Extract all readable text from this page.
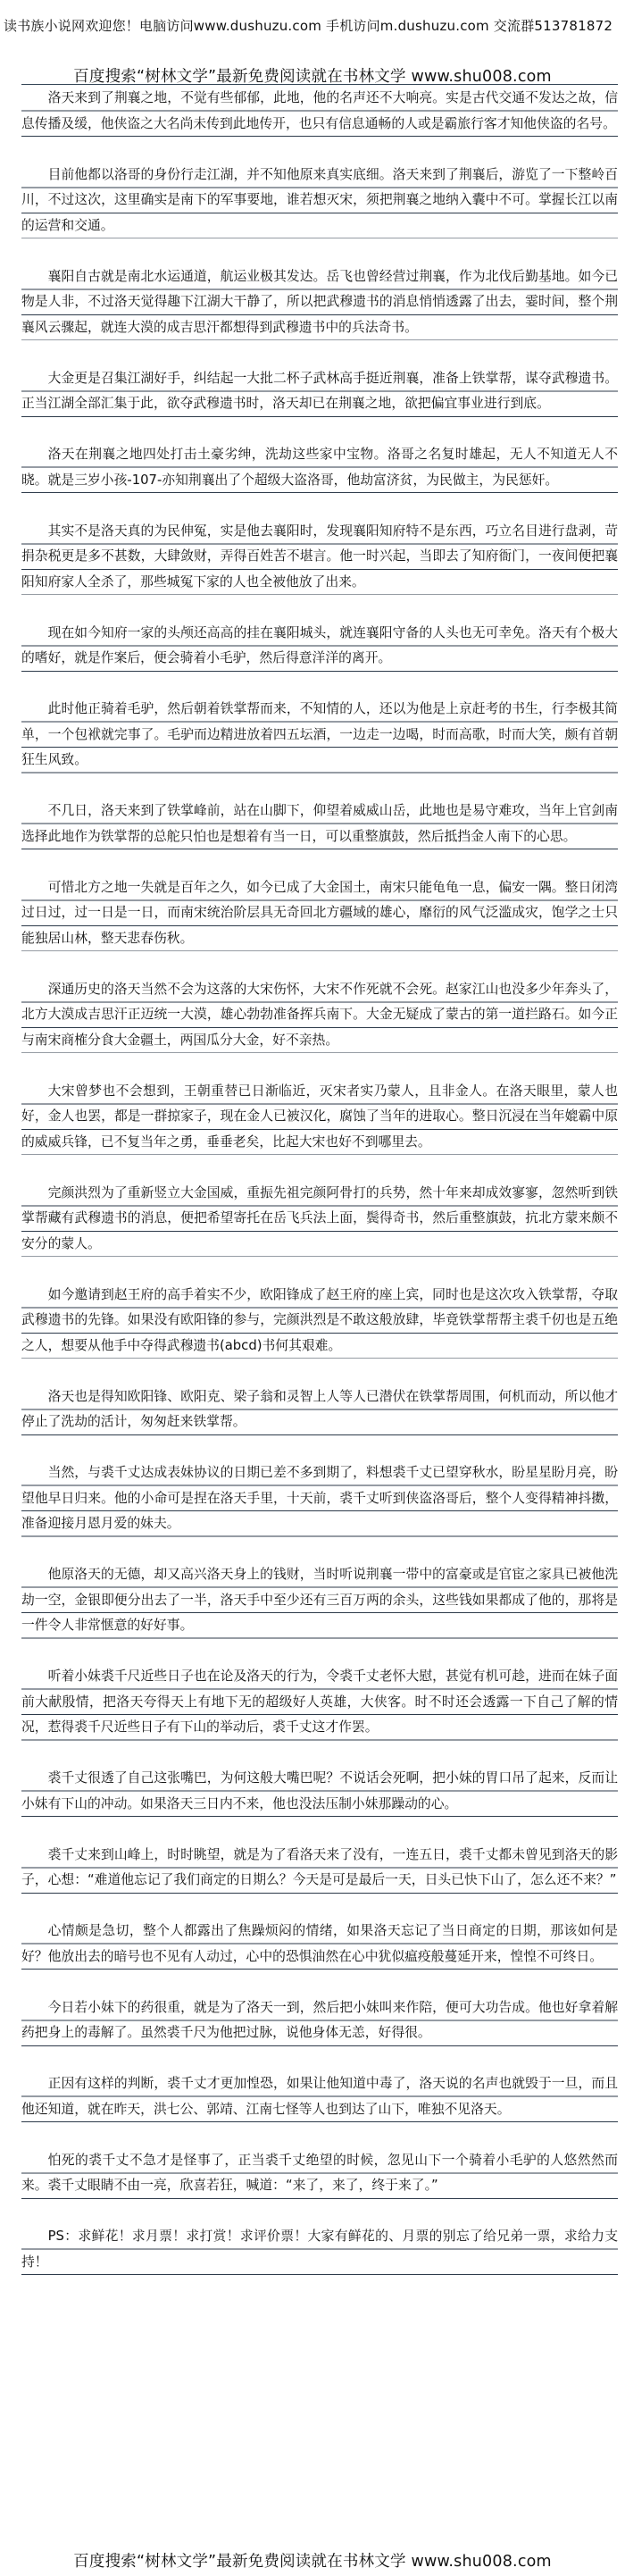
读书族小说网欢迎您！电脑访问www.dushuzu.com 手机访问m.dushuzu.com 交流群513781872
百度搜索“树林文学”最新免费阅读就在书林文学 www.shu008.com

洛天来到了荆襄之地，不觉有些郁郁，此地，他的名声还不大响亮。实是古代交通不发达之故，信息传播及缓，他侠盗之大名尚未传到此地传开，也只有信息通畅的人或是霸旅行客才知他侠盗的名号。

目前他都以洛哥的身份行走江湖，并不知他原来真实底细。洛天来到了荆襄后，游览了一下整岭百川，不过这次，这里确实是南下的军事要地，谁若想灭宋，须把荆襄之地纳入囊中不可。掌握长江以南的运营和交通。

襄阳自古就是南北水运通道，航运业极其发达。岳飞也曾经营过荆襄，作为北伐后勤基地。如今已物是人非，不过洛天觉得趣下江湖大干静了，所以把武穆遗书的消息悄悄透露了出去，霎时间，整个荆襄风云骤起，就连大漠的成吉思汗都想得到武穆遗书中的兵法奇书。

大金更是召集江湖好手，纠结起一大批二杯子武林高手挺近荆襄，准备上铁掌帮，谋夺武穆遗书。正当江湖全部汇集于此，欲夺武穆遗书时，洛天却已在荆襄之地，欲把偏宜事业进行到底。

洛天在荆襄之地四处打击土豪劣绅，洗劫这些家中宝物。洛哥之名复时雄起，无人不知道无人不晓。就是三岁小孩-107-亦知荆襄出了个超级大盗洛哥，他劫富济贫，为民做主，为民惩奸。

其实不是洛天真的为民伸冤，实是他去襄阳时，发现襄阳知府特不是东西，巧立名目进行盘剥，苛捐杂税更是多不甚数，大肆敛财，弄得百姓苦不堪言。他一时兴起，当即去了知府衙门，一夜间便把襄阳知府家人全杀了，那些城冤下家的人也全被他放了出来。

现在如今知府一家的头颅还高高的挂在襄阳城头，就连襄阳守备的人头也无可幸免。洛天有个极大的嗜好，就是作案后，便会骑着小毛驴，然后得意洋洋的离开。

此时他正骑着毛驴，然后朝着铁掌帮而来，不知情的人，还以为他是上京赶考的书生，行李极其简单，一个包袱就完事了。毛驴而边精进放着四五坛酒，一边走一边喝，时而高歌，时而大笑，颇有首朝狂生风致。

不几日，洛天来到了铁掌峰前，站在山脚下，仰望着威威山岳，此地也是易守难攻，当年上官剑南选择此地作为铁掌帮的总舵只怕也是想着有当一日，可以重整旗鼓，然后抵挡金人南下的心思。

可惜北方之地一失就是百年之久，如今已成了大金国土，南宋只能龟龟一息，偏安一隅。整日闭湾过日过，过一日是一日，而南宋统治阶层具无奇回北方疆域的雄心，靡衍的风气泛滥成灾，饱学之士只能独居山林，整天悲春伤秋。

深通历史的洛天当然不会为这落的大宋伤怀，大宋不作死就不会死。赵家江山也没多少年奔头了，北方大漠成吉思汗正迈统一大漠，雄心勃勃准备挥兵南下。大金无疑成了蒙古的第一道拦路石。如今正与南宋商榷分食大金疆土，两国瓜分大金，好不亲热。

大宋曾梦也不会想到，王朝重替已日渐临近，灭宋者实乃蒙人，且非金人。在洛天眼里，蒙人也好，金人也罢，都是一群掠家子，现在金人已被汉化，腐蚀了当年的进取心。整日沉浸在当年媲霸中原的威威兵锋，已不复当年之勇，垂垂老矣，比起大宋也好不到哪里去。

完颜洪烈为了重新竖立大金国威，重振先祖完颜阿骨打的兵势，然十年来却成效寥寥，忽然听到铁掌帮藏有武穆遗书的消息，便把希望寄托在岳飞兵法上面，鬓得奇书，然后重整旗鼓，抗北方蒙来颇不安分的蒙人。

如今邀请到赵王府的高手着实不少，欧阳锋成了赵王府的座上宾，同时也是这次攻入铁掌帮，夺取武穆遗书的先锋。如果没有欧阳锋的参与，完颜洪烈是不敢这般放肆，毕竟铁掌帮帮主裘千仞也是五绝之人，想要从他手中夺得武穆遗书(abcd)书何其艰难。

洛天也是得知欧阳锋、欧阳克、梁子翁和灵智上人等人已潜伏在铁掌帮周围，何机而动，所以他才停止了洗劫的活计，匆匆赶来铁掌帮。

当然，与裘千丈达成表妹协议的日期已差不多到期了，料想裘千丈已望穿秋水，盼星星盼月亮，盼望他早日归来。他的小命可是捏在洛天手里，十天前，裘千丈听到侠盗洛哥后，整个人变得精神抖擞，准备迎接月恩月爱的妹夫。

他原洛天的无德，却又高兴洛天身上的钱财，当时听说荆襄一带中的富豪或是官宦之家具已被他洗劫一空，金银即便分出去了一半，洛天手中至少还有三百万两的余头，这些钱如果都成了他的，那将是一件令人非常惬意的好好事。

听着小妹裘千尺近些日子也在论及洛天的行为，令裘千丈老怀大慰，甚觉有机可趁，进而在妹子面前大献殷情，把洛天夸得天上有地下无的超级好人英雄，大侠客。时不时还会透露一下自己了解的情况，惹得裘千尺近些日子有下山的举动后，裘千丈这才作罢。

裘千丈很透了自己这张嘴巴，为何这般大嘴巴呢？不说话会死啊，把小妹的胃口吊了起来，反而让小妹有下山的冲动。如果洛天三日内不来，他也没法压制小妹那躁动的心。

裘千丈来到山峰上，时时眺望，就是为了看洛天来了没有，一连五日，裘千丈都未曾见到洛天的影子，心想：“难道他忘记了我们商定的日期么？今天是可是最后一天，日头已快下山了，怎么还不来？”

心情颇是急切，整个人都露出了焦躁烦闷的情绪，如果洛天忘记了当日商定的日期，那该如何是好？他放出去的暗号也不见有人动过，心中的恐惧油然在心中犹似瘟疫般蔓延开来，惶惶不可终日。

今日若小妹下的药很重，就是为了洛天一到，然后把小妹叫来作陪，便可大功告成。他也好拿着解药把身上的毒解了。虽然裘千尺为他把过脉，说他身体无恙，好得很。

正因有这样的判断，裘千丈才更加惶恐，如果让他知道中毒了，洛天说的名声也就毁于一旦，而且他还知道，就在昨天，洪七公、郭靖、江南七怪等人也到达了山下，唯独不见洛天。

怕死的裘千丈不急才是怪事了，正当裘千丈绝望的时候，忽见山下一个骑着小毛驴的人悠然然而来。裘千丈眼睛不由一亮，欣喜若狂，喊道：“来了，来了，终于来了。”

PS：求鲜花！求月票！求打赏！求评价票！大家有鲜花的、月票的别忘了给兄弟一票，求给力支持！

百度搜索“树林文学”最新免费阅读就在书林文学 www.shu008.com
